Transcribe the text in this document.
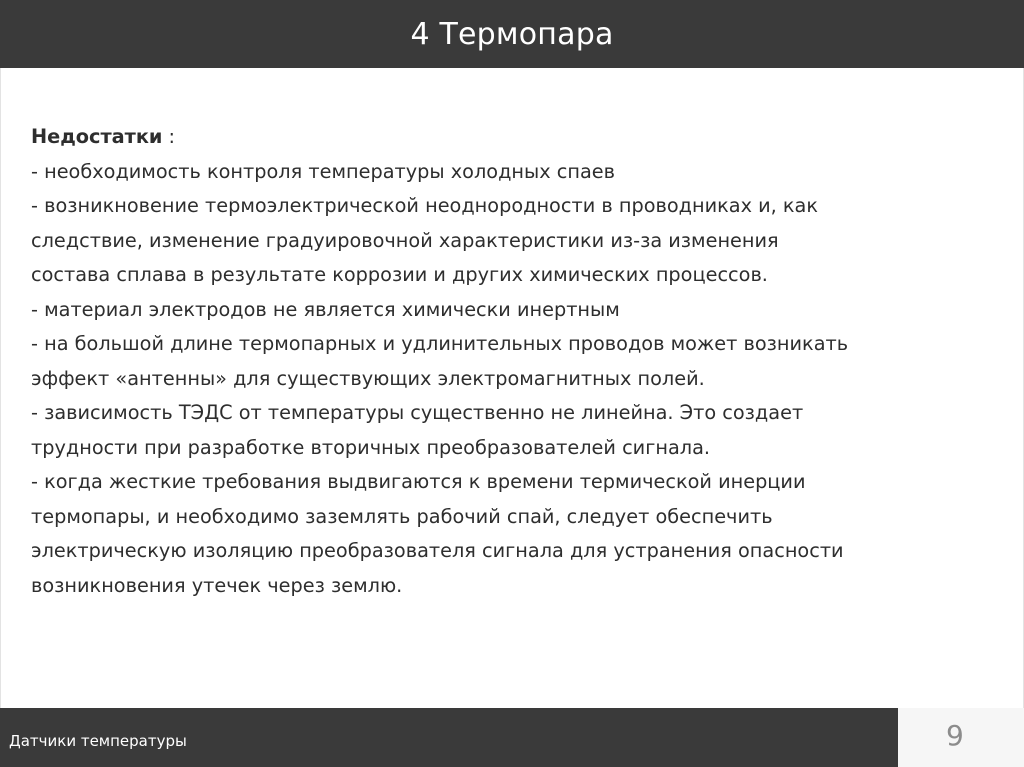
4 Термопара
Недостатки :
- необходимость контроля температуры холодных спаев
- возникновение термоэлектрической неоднородности в проводниках и, как
следствие, изменение градуировочной характеристики из-за изменения
состава сплава в результате коррозии и других химических процессов.
- материал электродов не является химически инертным
- на большой длине термопарных и удлинительных проводов может возникать
эффект «антенны» для существующих электромагнитных полей.
- зависимость ТЭДС от температуры существенно не линейна. Это создает
трудности при разработке вторичных преобразователей сигнала.
- когда жесткие требования выдвигаются к времени термической инерции
термопары, и необходимо заземлять рабочий спай, следует обеспечить
электрическую изоляцию преобразователя сигнала для устранения опасности
возникновения утечек через землю.
Датчики температуры	9
